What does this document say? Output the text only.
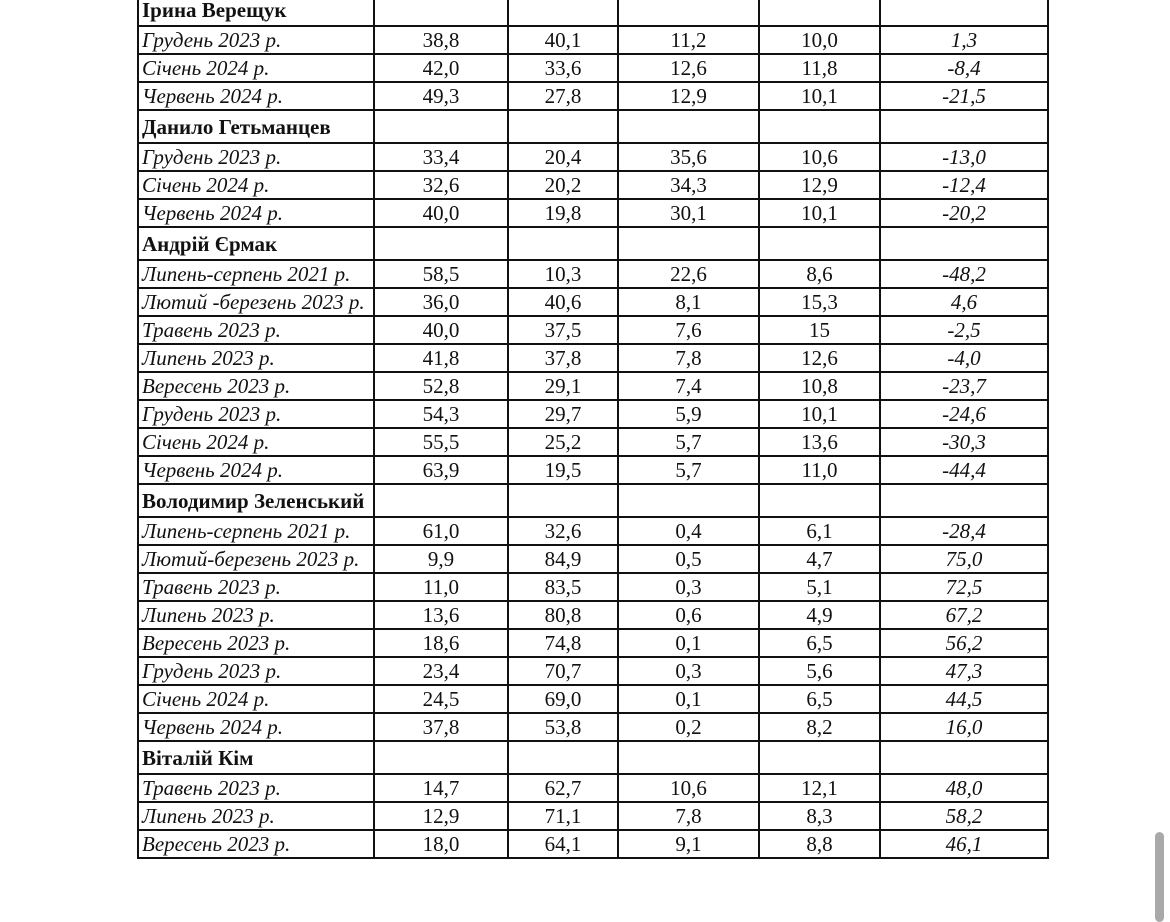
Ірина Верещук					
Грудень 2023 р.	38,8	40,1	11,2	10,0	1,3
Січень 2024 р.	42,0	33,6	12,6	11,8	-8,4
Червень 2024 р.	49,3	27,8	12,9	10,1	-21,5
Данило Гетьманцев					
Грудень 2023 р.	33,4	20,4	35,6	10,6	-13,0
Січень 2024 р.	32,6	20,2	34,3	12,9	-12,4
Червень 2024 р.	40,0	19,8	30,1	10,1	-20,2
Андрій Єрмак					
Липень-серпень 2021 р.	58,5	10,3	22,6	8,6	-48,2
Лютий -березень 2023 р.	36,0	40,6	8,1	15,3	4,6
Травень 2023 р.	40,0	37,5	7,6	15	-2,5
Липень 2023 р.	41,8	37,8	7,8	12,6	-4,0
Вересень 2023 р.	52,8	29,1	7,4	10,8	-23,7
Грудень 2023 р.	54,3	29,7	5,9	10,1	-24,6
Січень 2024 р.	55,5	25,2	5,7	13,6	-30,3
Червень 2024 р.	63,9	19,5	5,7	11,0	-44,4
Володимир Зеленський					
Липень-серпень 2021 р.	61,0	32,6	0,4	6,1	-28,4
Лютий-березень 2023 р.	9,9	84,9	0,5	4,7	75,0
Травень 2023 р.	11,0	83,5	0,3	5,1	72,5
Липень 2023 р.	13,6	80,8	0,6	4,9	67,2
Вересень 2023 р.	18,6	74,8	0,1	6,5	56,2
Грудень 2023 р.	23,4	70,7	0,3	5,6	47,3
Січень 2024 р.	24,5	69,0	0,1	6,5	44,5
Червень 2024 р.	37,8	53,8	0,2	8,2	16,0
Віталій Кім					
Травень 2023 р.	14,7	62,7	10,6	12,1	48,0
Липень 2023 р.	12,9	71,1	7,8	8,3	58,2
Вересень 2023 р.	18,0	64,1	9,1	8,8	46,1
